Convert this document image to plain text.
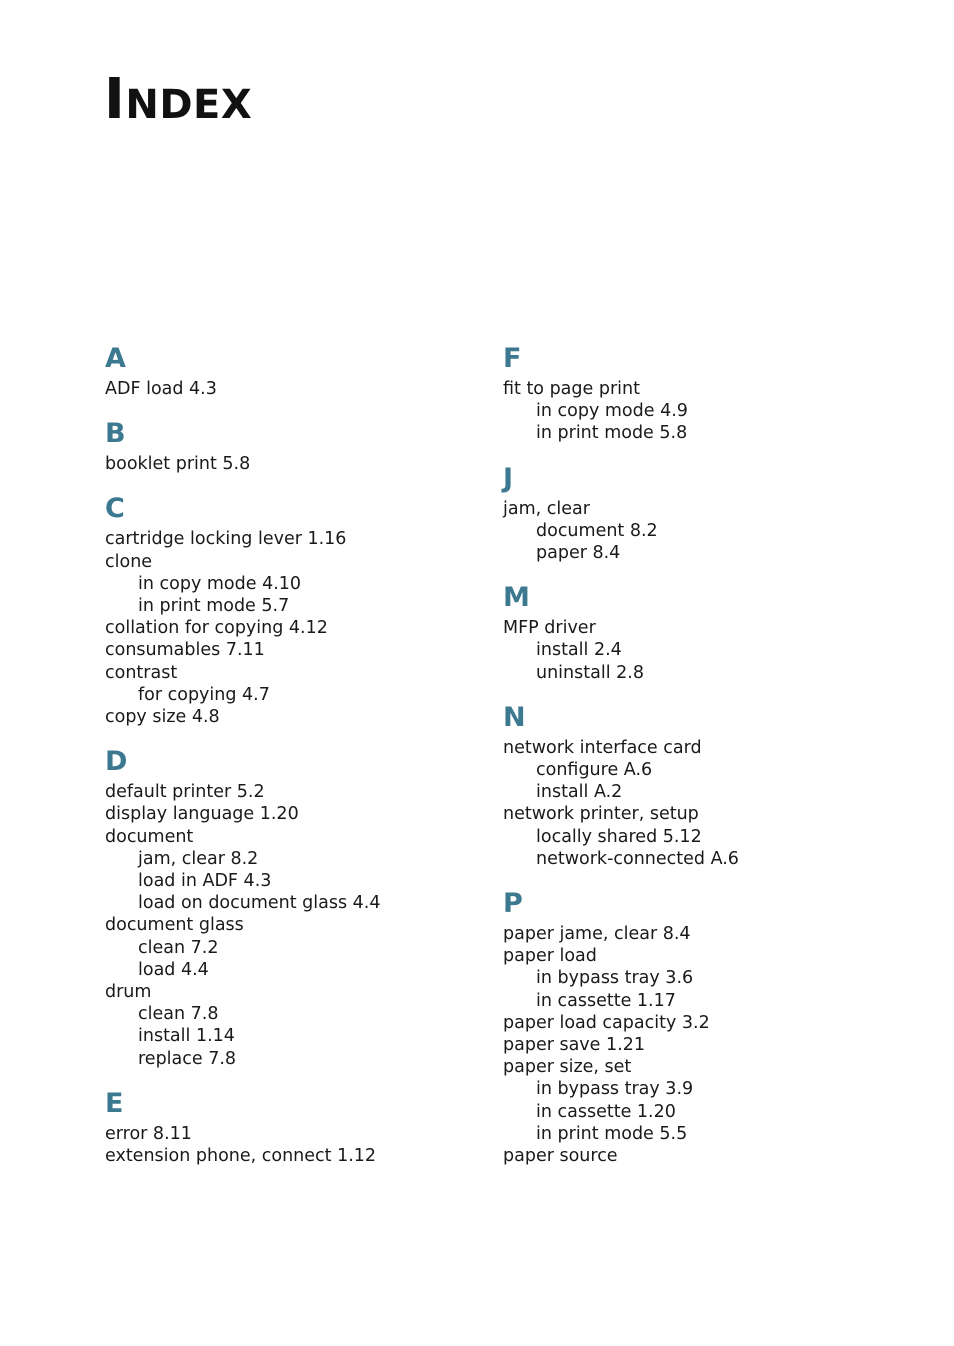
INDEX
A
ADF load 4.3
B
booklet print 5.8
C
cartridge locking lever 1.16
clone
in copy mode 4.10
in print mode 5.7
collation for copying 4.12
consumables 7.11
contrast
for copying 4.7
copy size 4.8
D
default printer 5.2
display language 1.20
document
jam, clear 8.2
load in ADF 4.3
load on document glass 4.4
document glass
clean 7.2
load 4.4
drum
clean 7.8
install 1.14
replace 7.8
E
error 8.11
extension phone, connect 1.12
F
fit to page print
in copy mode 4.9
in print mode 5.8
J
jam, clear
document 8.2
paper 8.4
M
MFP driver
install 2.4
uninstall 2.8
N
network interface card
configure A.6
install A.2
network printer, setup
locally shared 5.12
network-connected A.6
P
paper jame, clear 8.4
paper load
in bypass tray 3.6
in cassette 1.17
paper load capacity 3.2
paper save 1.21
paper size, set
in bypass tray 3.9
in cassette 1.20
in print mode 5.5
paper source
